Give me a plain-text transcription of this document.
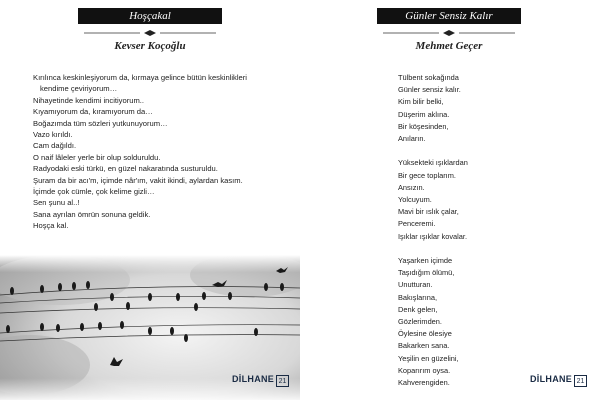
Hoşçakal
Kevser Koçoğlu
Kırılınca keskinleşiyorum da, kırmaya gelince bütün keskinlikleri
kendime çeviriyorum…
Nihayetinde kendimi incitiyorum..
Kıyamıyorum da, kıramıyorum da…
Boğazımda tüm sözleri yutkunuyorum…
Vazo kırıldı.
Cam dağıldı.
O naif lâleler yerle bir olup solduruldu.
Radyodaki eski türkü, en güzel nakaratında susturuldu.
Şuram da bir acı'm, içimde nâr'ım, vakit ikindi, aylardan kasım.
İçimde çok cümle, çok kelime gizli…
Sen şunu al..!
Sana ayrılan ömrün sonuna geldik.
Hoşça kal.
DİLHANE 21
Günler Sensiz Kalır
Mehmet Geçer
Tülbent sokağında
Günler sensiz kalır.
Kim bilir belki,
Düşerim aklına.
Bir köşesinden,
Anıların.
Yüksekteki ışıklardan
Bir gece toplarım.
Ansızın.
Yolcuyum.
Mavi bir ıslık çalar,
Penceremi.
Işıklar ışıklar kovalar.
Yaşarken içimde
Taşıdığım ölümü,
Unutturan.
Bakışlarına,
Denk gelen,
Gözlerimden.
Öylesine ölesiye
Bakarken sana.
Yeşilin en güzelini,
Koparırım oysa.
Kahverengiden.	DİLHANE 21
